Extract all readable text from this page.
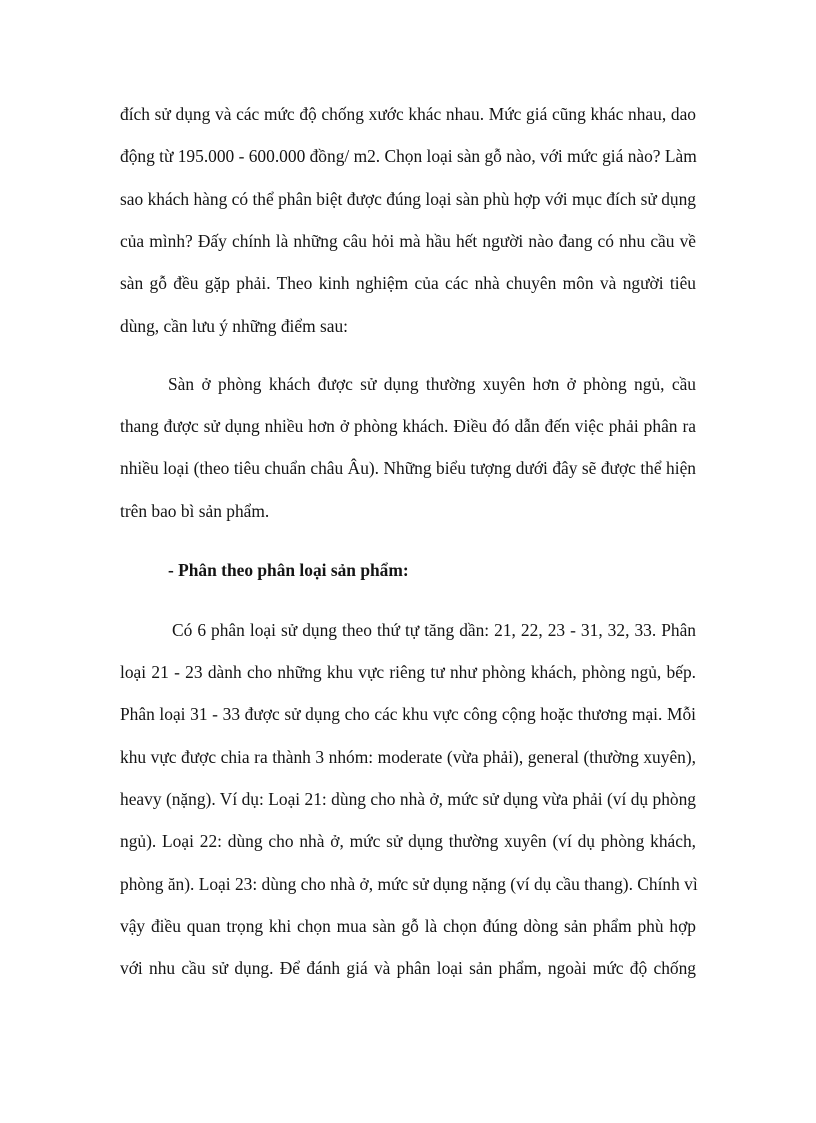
đích sử dụng và các mức độ chống xước khác nhau. Mức giá cũng khác nhau, dao
động từ 195.000 - 600.000 đồng/ m2. Chọn loại sàn gỗ nào, với mức giá nào? Làm
sao khách hàng có thể phân biệt được đúng loại sàn phù hợp với mục đích sử dụng
của mình? Đấy chính là những câu hỏi mà hầu hết người nào đang có nhu cầu về
sàn gỗ đều gặp phải. Theo kinh nghiệm của các nhà chuyên môn và người tiêu
dùng, cần lưu ý những điểm sau:
Sàn ở phòng khách được sử dụng thường xuyên hơn ở phòng ngủ, cầu
thang được sử dụng nhiều hơn ở phòng khách. Điều đó dẫn đến việc phải phân ra
nhiều loại (theo tiêu chuẩn châu Âu). Những biểu tượng dưới đây sẽ được thể hiện
trên bao bì sản phẩm.
- Phân theo phân loại sản phẩm:
Có 6 phân loại sử dụng theo thứ tự tăng dần: 21, 22, 23 - 31, 32, 33. Phân
loại 21 - 23 dành cho những khu vực riêng tư như phòng khách, phòng ngủ, bếp.
Phân loại 31 - 33 được sử dụng cho các khu vực công cộng hoặc thương mại. Mỗi
khu vực được chia ra thành 3 nhóm: moderate (vừa phải), general (thường xuyên),
heavy (nặng). Ví dụ: Loại 21: dùng cho nhà ở, mức sử dụng vừa phải (ví dụ phòng
ngủ). Loại 22: dùng cho nhà ở, mức sử dụng thường xuyên (ví dụ phòng khách,
phòng ăn). Loại 23: dùng cho nhà ở, mức sử dụng nặng (ví dụ cầu thang). Chính vì
vậy điều quan trọng khi chọn mua sàn gỗ là chọn đúng dòng sản phẩm phù hợp
với nhu cầu sử dụng. Để đánh giá và phân loại sản phẩm, ngoài mức độ chống
